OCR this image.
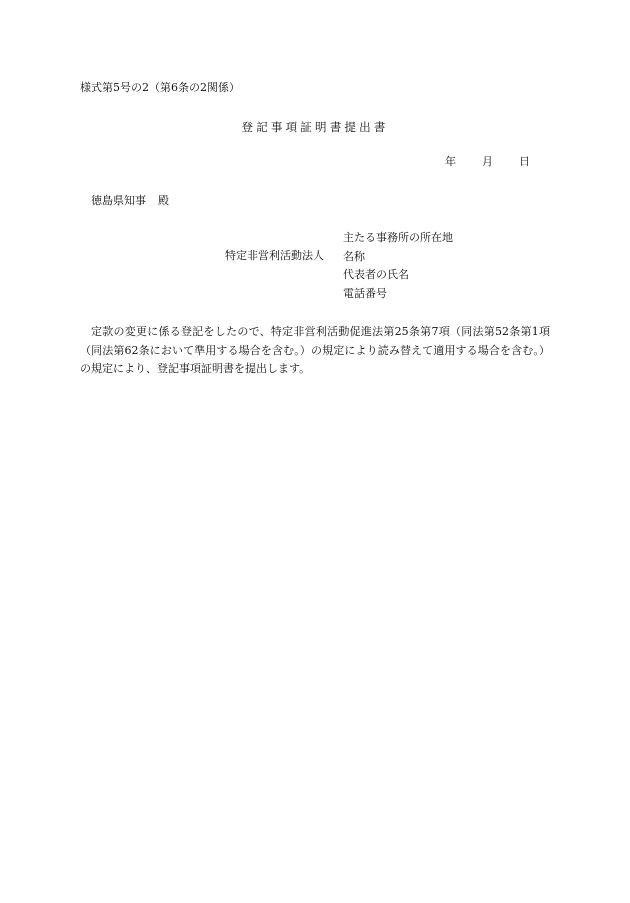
様式第5号の2（第6条の2関係）
登記事項証明書提出書
年 月 日
徳島県知事 殿
特定非営利活動法人
主たる事務所の所在地
名称
代表者の氏名
電話番号
定款の変更に係る登記をしたので、特定非営利活動促進法第25条第7項（同法第52条第1項（同法第62条において準用する場合を含む。）の規定により読み替えて適用する場合を含む。）の規定により、登記事項証明書を提出します。
